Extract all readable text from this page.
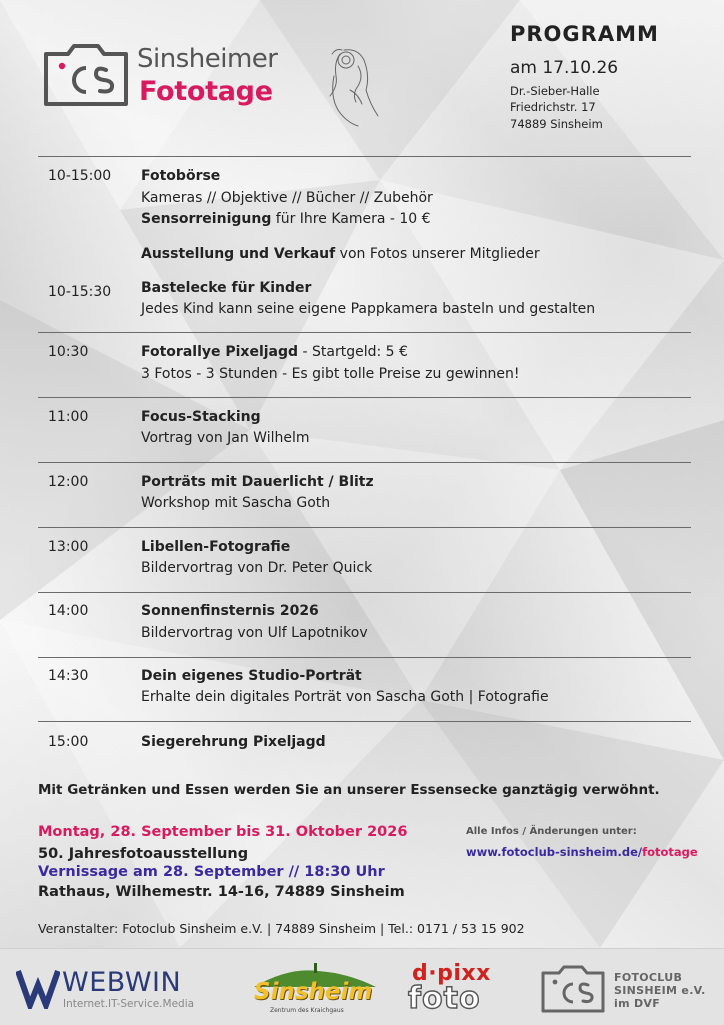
Sinsheimer
Fototage
PROGRAMM
am 17.10.26
Dr.-Sieber-Halle
Friedrichstr. 17
74889 Sinsheim
10-15:00 Fotobörse
Kameras // Objektive // Bücher // Zubehör
Sensorreinigung für Ihre Kamera - 10 €
Ausstellung und Verkauf von Fotos unserer Mitglieder
10-15:30 Bastelecke für Kinder
Jedes Kind kann seine eigene Pappkamera basteln und gestalten
10:30	Fotorallye Pixeljagd - Startgeld: 5 €
3 Fotos - 3 Stunden - Es gibt tolle Preise zu gewinnen!
11:00	Focus-Stacking
Vortrag von Jan Wilhelm
12:00	Porträts mit Dauerlicht / Blitz
Workshop mit Sascha Goth
13:00	Libellen-Fotografie
Bildervortrag von Dr. Peter Quick
14:00	Sonnenfinsternis 2026
Bildervortrag von Ulf Lapotnikov
14:30	Dein eigenes Studio-Porträt
Erhalte dein digitales Porträt von Sascha Goth | Fotografie
15:00	Siegerehrung Pixeljagd
Mit Getränken und Essen werden Sie an unserer Essensecke ganztägig verwöhnt.
Montag, 28. September bis 31. Oktober 2026
50. Jahresfotoausstellung
Vernissage am 28. September // 18:30 Uhr
Rathaus, Wilhemestr. 14-16, 74889 Sinsheim
Alle Infos / Änderungen unter:
www.fotoclub-sinsheim.de/fototage
Veranstalter: Fotoclub Sinsheim e.V. | 74889 Sinsheim | Tel.: 0171 / 53 15 902
WEBWIN
Internet.IT-Service.Media	Sinsheim
Zentrum des Kraichgaus
d·pixx
foto
FOTOCLUB
SINSHEIM e.V.
im DVF
